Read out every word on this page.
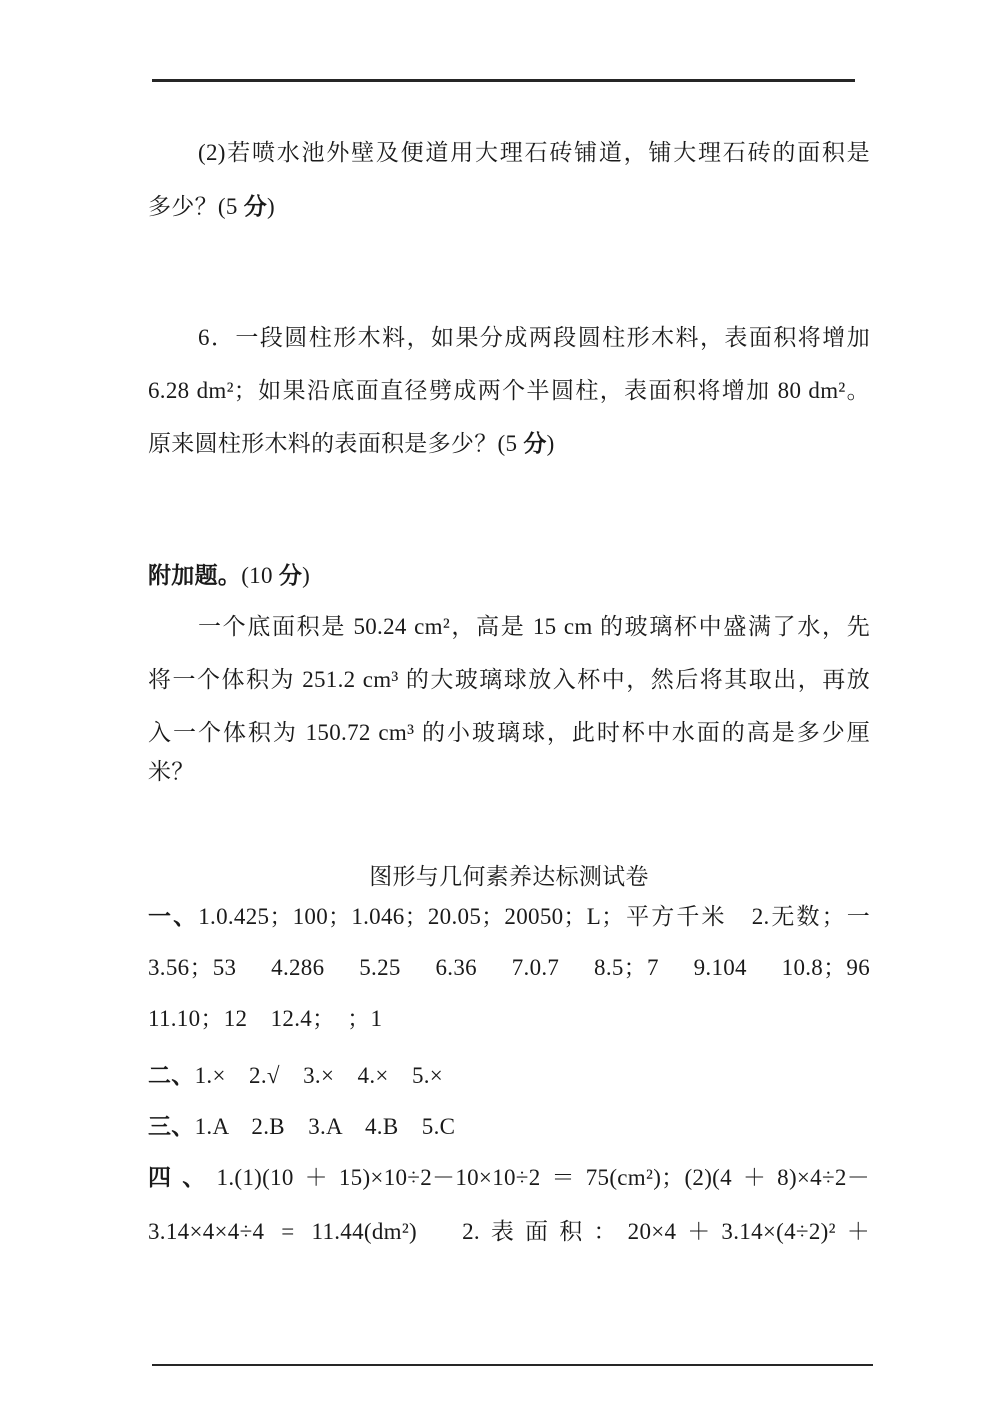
(2)若喷水池外壁及便道用大理石砖铺道，铺大理石砖的面积是
多少？(5 分)
6．一段圆柱形木料，如果分成两段圆柱形木料，表面积将增加
6.28 dm²；如果沿底面直径劈成两个半圆柱，表面积将增加 80 dm²。
原来圆柱形木料的表面积是多少？(5 分)
附加题。(10 分)
一个底面积是 50.24 cm²，高是 15 cm 的玻璃杯中盛满了水，先
将一个体积为 251.2 cm³ 的大玻璃球放入杯中，然后将其取出，再放
入一个体积为 150.72 cm³ 的小玻璃球，此时杯中水面的高是多少厘
米？
图形与几何素养达标测试卷
一、1.0.425；100；1.046；20.05；20050；L；平方千米　2.无数；一
3.56；53　4.286　5.25　6.36　7.0.7　8.5；7　9.104　10.8；96
11.10；12　12.4；　；1
二、1.×　2.√　3.×　4.×　5.×
三、1.A　2.B　3.A　4.B　5.C
四、1.(1)(10＋15)×10÷2－10×10÷2＝75(cm²)；(2)(4＋8)×4÷2－
3.14×4×4÷4 = 11.44(dm²)　2.表面积：20×4＋3.14×(4÷2)²＋
